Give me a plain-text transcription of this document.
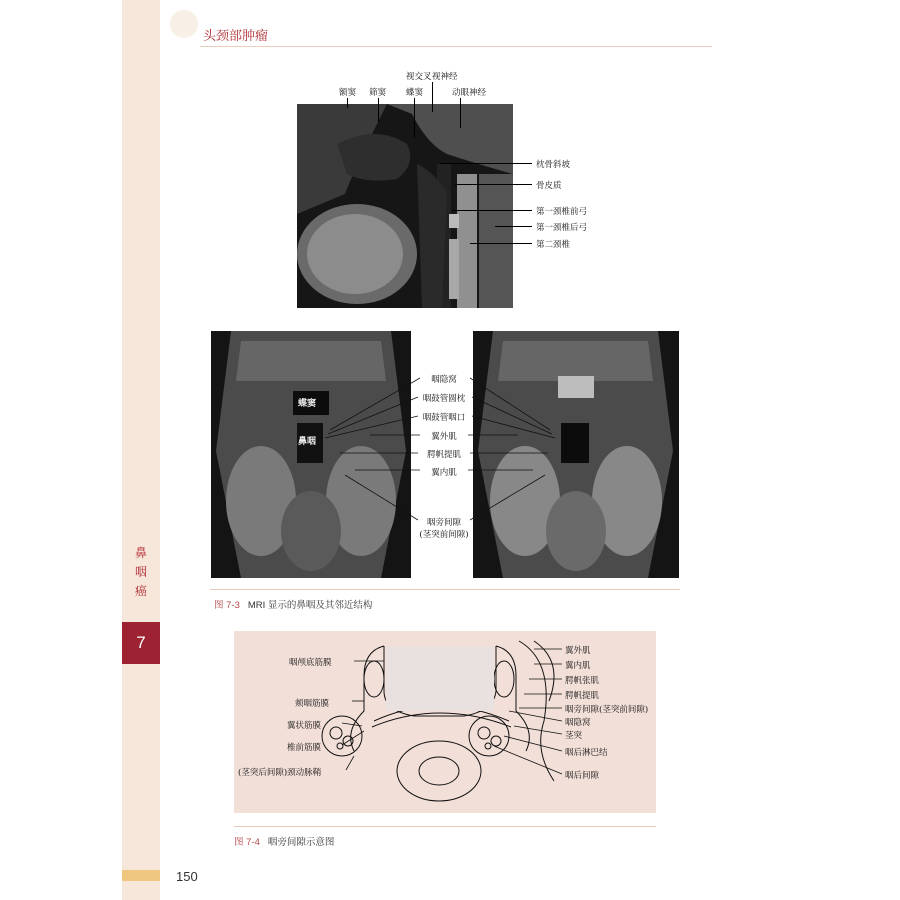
鼻
咽
癌
7
150
头颈部肿瘤
额窦 筛窦
视交叉 视神经
蝶窦	动眼神经
枕骨斜坡
骨皮质
第一颈椎前弓
第一颈椎后弓
第二颈椎
蝶窦
鼻咽
咽隐窝
咽鼓管圆枕
咽鼓管咽口
翼外肌
腭帆提肌
翼内肌
咽旁间隙
(茎突前间隙)
图 7-3 MRI 显示的鼻咽及其邻近结构
咽颅底筋膜
颊咽筋膜
翼状筋膜
椎前筋膜
(茎突后间隙)颈动脉鞘
翼外肌
翼内肌
腭帆张肌
腭帆提肌
咽旁间隙(茎突前间隙)
咽隐窝
茎突
咽后淋巴结
咽后间隙
图 7-4 咽旁间隙示意图
